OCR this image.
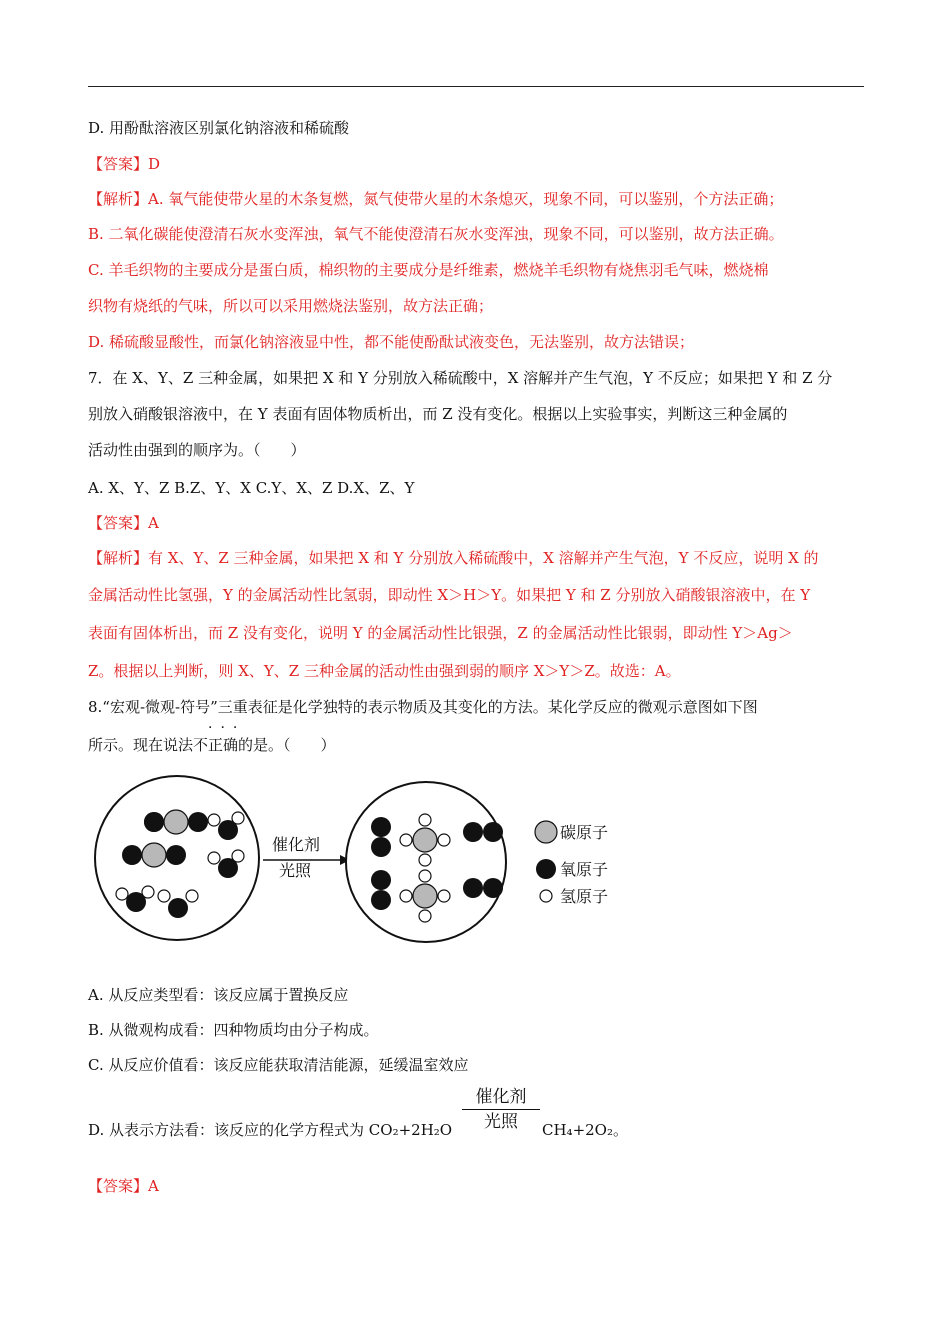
D. 用酚酞溶液区别氯化钠溶液和稀硫酸
【答案】D
【解析】A. 氧气能使带火星的木条复燃，氮气使带火星的木条熄灭，现象不同，可以鉴别，个方法正确；
B. 二氧化碳能使澄清石灰水变浑浊，氧气不能使澄清石灰水变浑浊，现象不同，可以鉴别，故方法正确。
C. 羊毛织物的主要成分是蛋白质，棉织物的主要成分是纤维素，燃烧羊毛织物有烧焦羽毛气味，燃烧棉
织物有烧纸的气味，所以可以采用燃烧法鉴别，故方法正确；
D. 稀硫酸显酸性，而氯化钠溶液显中性，都不能使酚酞试液变色，无法鉴别，故方法错误；
7．在 X、Y、Z 三种金属，如果把 X 和 Y 分别放入稀硫酸中，X 溶解并产生气泡，Y 不反应；如果把 Y 和 Z 分
别放入硝酸银溶液中，在 Y 表面有固体物质析出，而 Z 没有变化。根据以上实验事实，判断这三种金属的
活动性由强到的顺序为。（　　）
A. X、Y、Z B.Z、Y、X C.Y、X、Z D.X、Z、Y
【答案】A
【解析】有 X、Y、Z 三种金属，如果把 X 和 Y 分别放入稀硫酸中，X 溶解并产生气泡，Y 不反应，说明 X 的
金属活动性比氢强，Y 的金属活动性比氢弱，即动性 X＞H＞Y。如果把 Y 和 Z 分别放入硝酸银溶液中，在 Y
表面有固体析出，而 Z 没有变化，说明 Y 的金属活动性比银强，Z 的金属活动性比银弱，即动性 Y＞Ag＞
Z。根据以上判断，则 X、Y、Z 三种金属的活动性由强到弱的顺序 X＞Y＞Z。故选：A。
8.“宏观-微观-符号”三重表征是化学独特的表示物质及其变化的方法。某化学反应的微观示意图如下图
···
所示。现在说法不正确的是。（　　）
催化剂
光照
碳原子
氧原子
氢原子
A. 从反应类型看：该反应属于置换反应
B. 从微观构成看：四种物质均由分子构成。
C. 从反应价值看：该反应能获取清洁能源，延缓温室效应
D. 从表示方法看：该反应的化学方程式为 CO₂+2H₂O
催化剂
光照	CH₄+2O₂。
【答案】A
